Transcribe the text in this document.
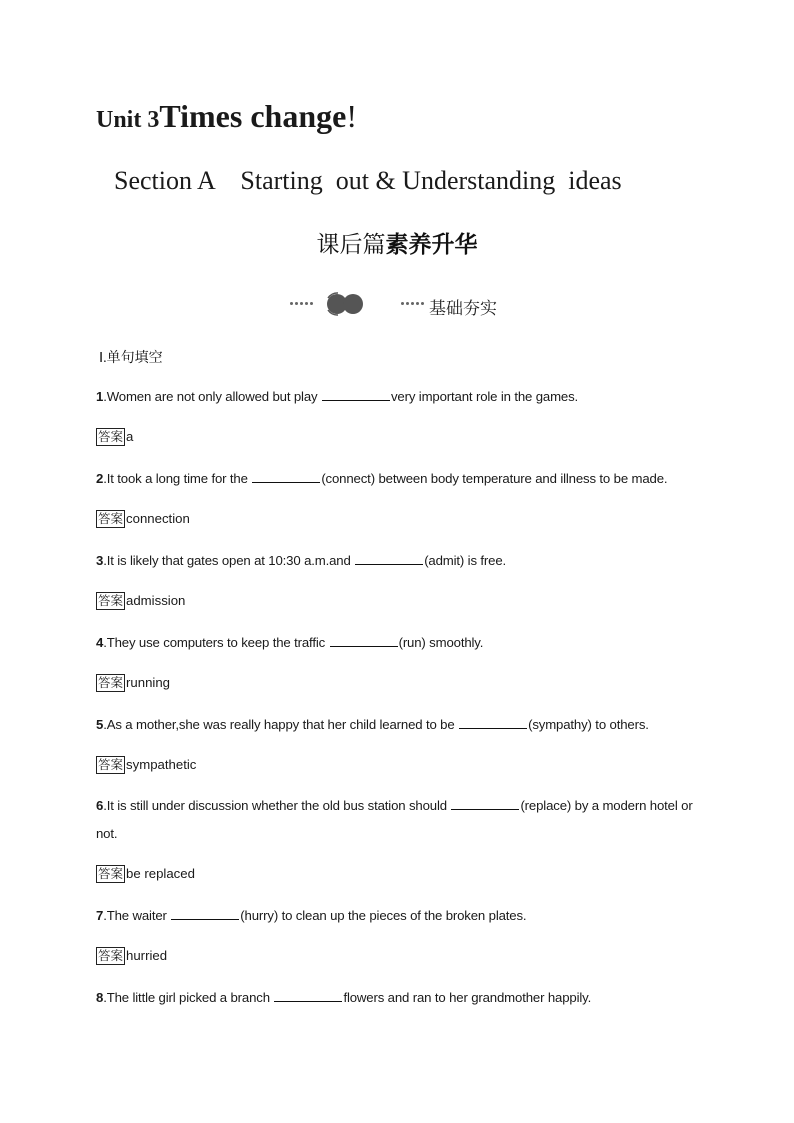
Unit 3Times change!
Section A    Starting  out & Understanding  ideas
课后篇素养升华
基础夯实
Ⅰ.单句填空
1.Women are not only allowed but play	very important role in the games.
答案 a
2.It took a long time for the	(connect) between body temperature and illness to be made.
答案 connection
3.It is likely that gates open at 10:30 a.m.and	(admit) is free.
答案 admission
4.They use computers to keep the traffic	(run) smoothly.
答案 running
5.As a mother,she was really happy that her child learned to be	(sympathy) to others.
答案 sympathetic
6.It is still under discussion whether the old bus station should	(replace) by a modern hotel or
not.
答案 be replaced
7.The waiter	(hurry) to clean up the pieces of the broken plates.
答案 hurried
8.The little girl picked a branch	flowers and ran to her grandmother happily.
